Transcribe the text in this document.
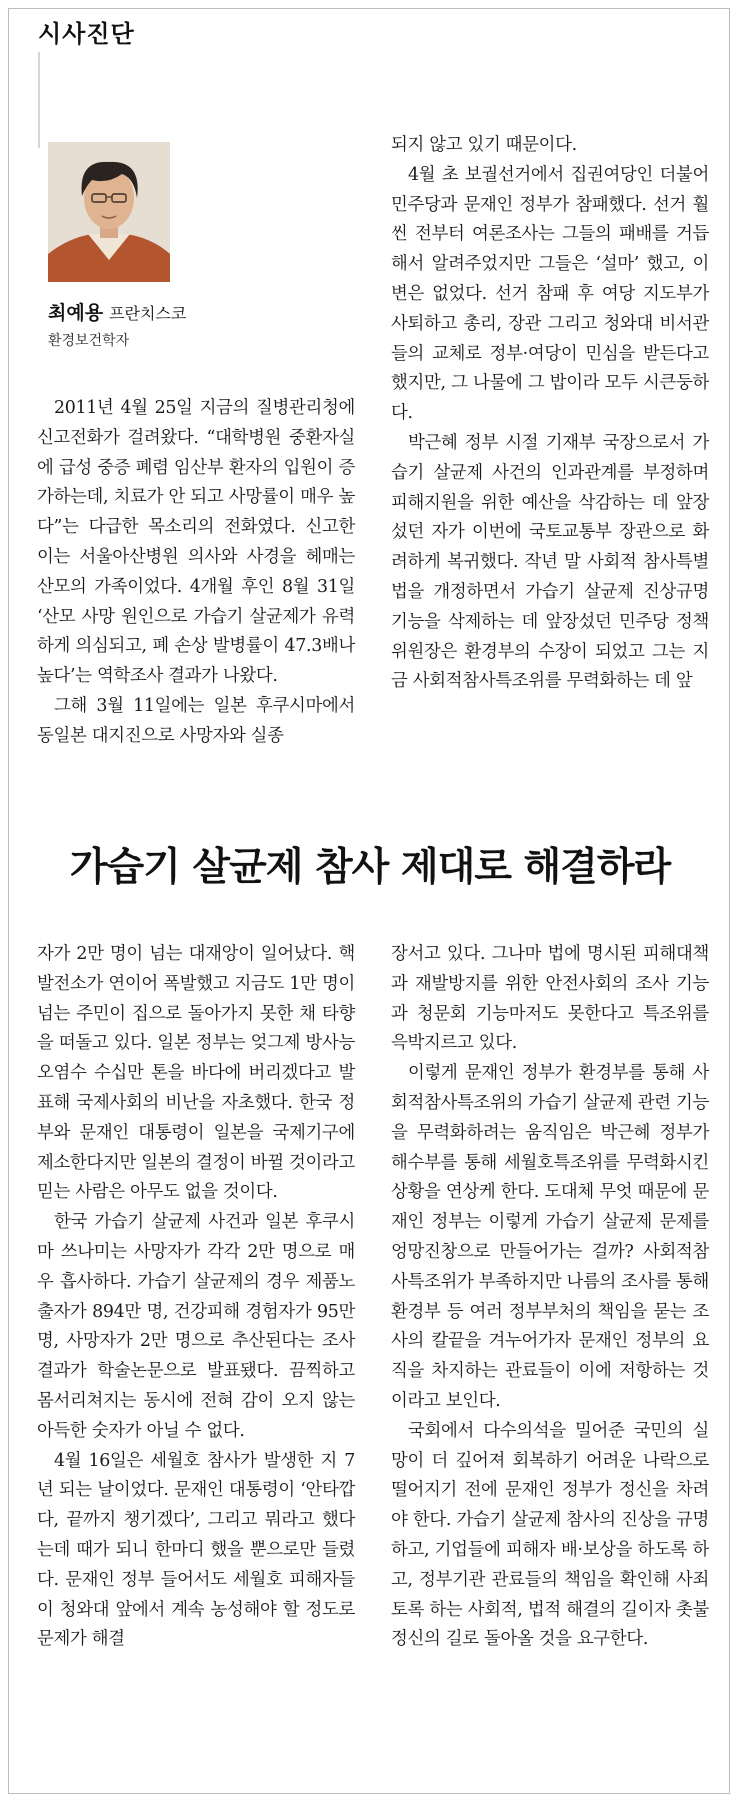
시사진단
최예용 프란치스코
환경보건학자

2011년 4월 25일 지금의 질병관리청에 신고전화가 걸려왔다. “대학병원 중환자실에 급성 중증 폐렴 임산부 환자의 입원이 증가하는데, 치료가 안 되고 사망률이 매우 높다”는 다급한 목소리의 전화였다. 신고한 이는 서울아산병원 의사와 사경을 헤매는 산모의 가족이었다. 4개월 후인 8월 31일 ‘산모 사망 원인으로 가습기 살균제가 유력하게 의심되고, 폐 손상 발병률이 47.3배나 높다’는 역학조사 결과가 나왔다.

그해 3월 11일에는 일본 후쿠시마에서 동일본 대지진으로 사망자와 실종

되지 않고 있기 때문이다.

4월 초 보궐선거에서 집권여당인 더불어민주당과 문재인 정부가 참패했다. 선거 훨씬 전부터 여론조사는 그들의 패배를 거듭해서 알려주었지만 그들은 ‘설마’ 했고, 이변은 없었다. 선거 참패 후 여당 지도부가 사퇴하고 총리, 장관 그리고 청와대 비서관들의 교체로 정부·여당이 민심을 받든다고 했지만, 그 나물에 그 밥이라 모두 시큰둥하다.

박근혜 정부 시절 기재부 국장으로서 가습기 살균제 사건의 인과관계를 부정하며 피해지원을 위한 예산을 삭감하는 데 앞장섰던 자가 이번에 국토교통부 장관으로 화려하게 복귀했다. 작년 말 사회적 참사특별법을 개정하면서 가습기 살균제 진상규명 기능을 삭제하는 데 앞장섰던 민주당 정책위원장은 환경부의 수장이 되었고 그는 지금 사회적참사특조위를 무력화하는 데 앞

가습기 살균제 참사 제대로 해결하라

자가 2만 명이 넘는 대재앙이 일어났다. 핵발전소가 연이어 폭발했고 지금도 1만 명이 넘는 주민이 집으로 돌아가지 못한 채 타향을 떠돌고 있다. 일본 정부는 엊그제 방사능 오염수 수십만 톤을 바다에 버리겠다고 발표해 국제사회의 비난을 자초했다. 한국 정부와 문재인 대통령이 일본을 국제기구에 제소한다지만 일본의 결정이 바뀔 것이라고 믿는 사람은 아무도 없을 것이다.

한국 가습기 살균제 사건과 일본 후쿠시마 쓰나미는 사망자가 각각 2만 명으로 매우 흡사하다. 가습기 살균제의 경우 제품노출자가 894만 명, 건강피해 경험자가 95만 명, 사망자가 2만 명으로 추산된다는 조사결과가 학술논문으로 발표됐다. 끔찍하고 몸서리쳐지는 동시에 전혀 감이 오지 않는 아득한 숫자가 아닐 수 없다.

4월 16일은 세월호 참사가 발생한 지 7년 되는 날이었다. 문재인 대통령이 ‘안타깝다, 끝까지 챙기겠다’, 그리고 뭐라고 했다는데 때가 되니 한마디 했을 뿐으로만 들렸다. 문재인 정부 들어서도 세월호 피해자들이 청와대 앞에서 계속 농성해야 할 정도로 문제가 해결

장서고 있다. 그나마 법에 명시된 피해대책과 재발방지를 위한 안전사회의 조사 기능과 청문회 기능마저도 못한다고 특조위를 윽박지르고 있다.

이렇게 문재인 정부가 환경부를 통해 사회적참사특조위의 가습기 살균제 관련 기능을 무력화하려는 움직임은 박근혜 정부가 해수부를 통해 세월호특조위를 무력화시킨 상황을 연상케 한다. 도대체 무엇 때문에 문재인 정부는 이렇게 가습기 살균제 문제를 엉망진창으로 만들어가는 걸까? 사회적참사특조위가 부족하지만 나름의 조사를 통해 환경부 등 여러 정부부처의 책임을 묻는 조사의 칼끝을 겨누어가자 문재인 정부의 요직을 차지하는 관료들이 이에 저항하는 것이라고 보인다.

국회에서 다수의석을 밀어준 국민의 실망이 더 깊어져 회복하기 어려운 나락으로 떨어지기 전에 문재인 정부가 정신을 차려야 한다. 가습기 살균제 참사의 진상을 규명하고, 기업들에 피해자 배·보상을 하도록 하고, 정부기관 관료들의 책임을 확인해 사죄토록 하는 사회적, 법적 해결의 길이자 촛불 정신의 길로 돌아올 것을 요구한다.
